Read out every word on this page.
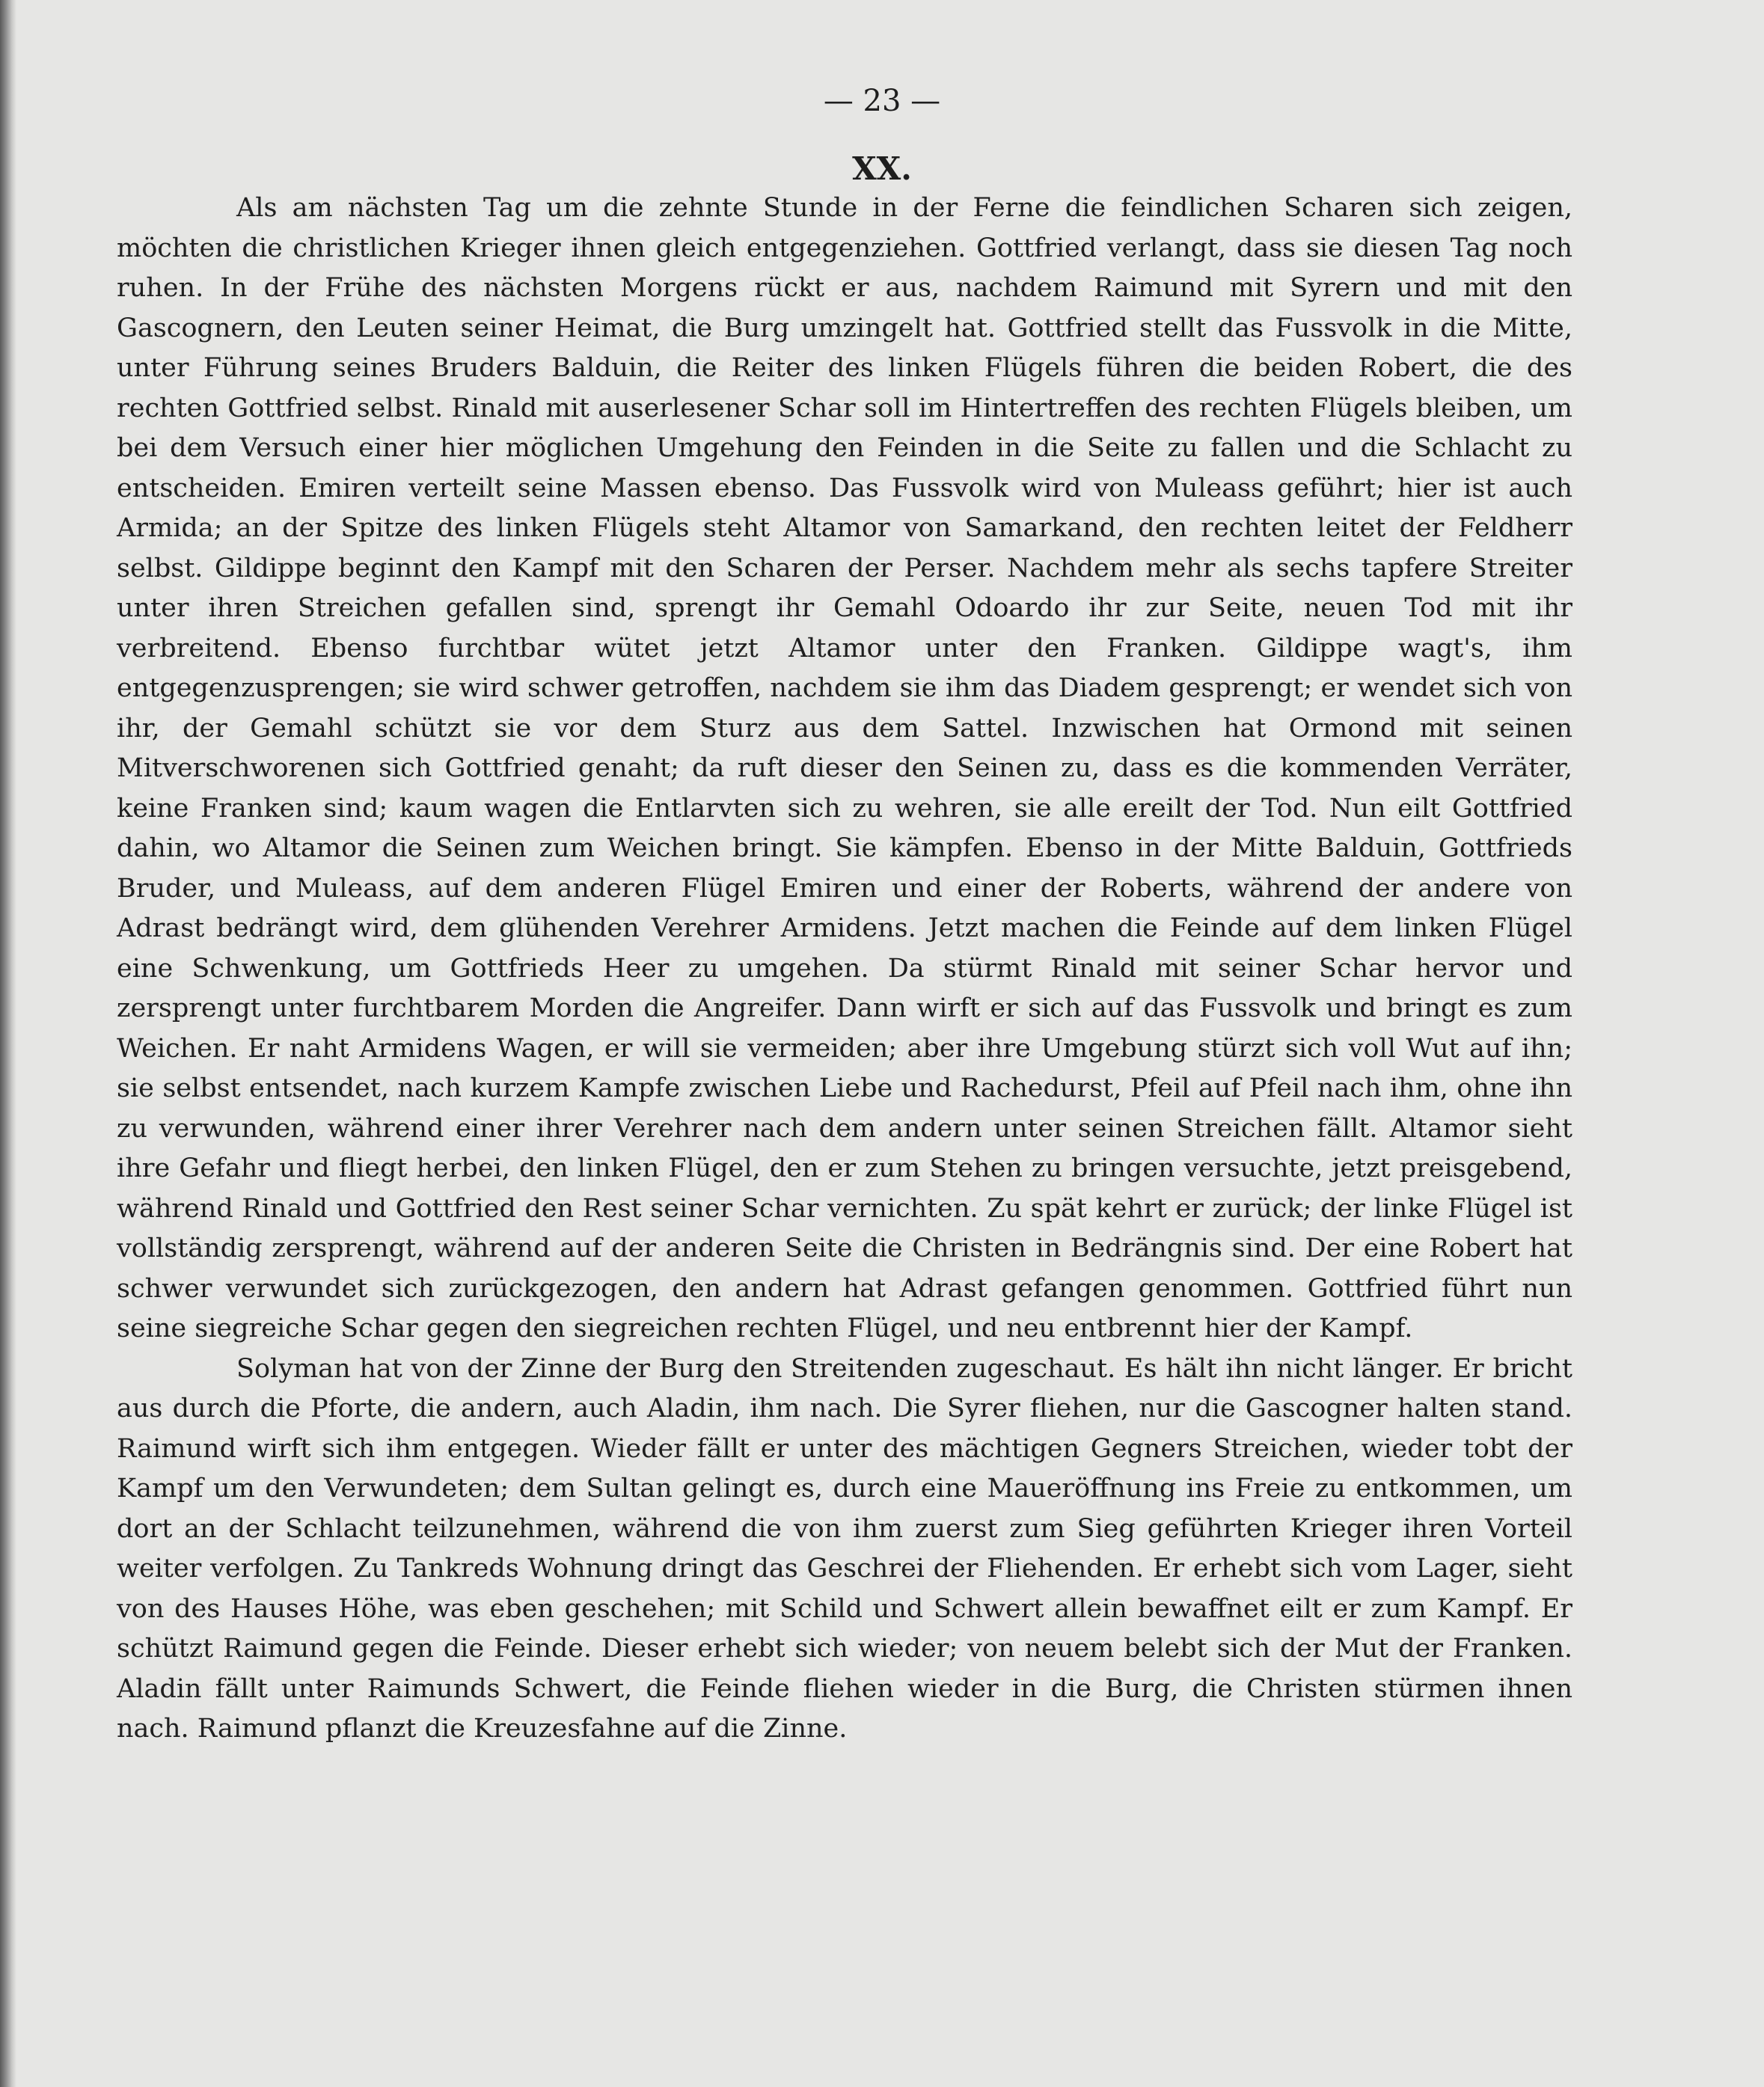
— 23 —
XX.

Als am nächsten Tag um die zehnte Stunde in der Ferne die feindlichen Scharen sich zeigen, möchten die christlichen Krieger ihnen gleich entgegenziehen. Gottfried verlangt, dass sie diesen Tag noch ruhen. In der Frühe des nächsten Morgens rückt er aus, nachdem Raimund mit Syrern und mit den Gascognern, den Leuten seiner Heimat, die Burg umzingelt hat. Gottfried stellt das Fussvolk in die Mitte, unter Führung seines Bruders Balduin, die Reiter des linken Flügels führen die beiden Robert, die des rechten Gottfried selbst. Rinald mit auserlesener Schar soll im Hintertreffen des rechten Flügels bleiben, um bei dem Versuch einer hier möglichen Umgehung den Feinden in die Seite zu fallen und die Schlacht zu entscheiden. Emiren verteilt seine Massen ebenso. Das Fussvolk wird von Muleass geführt; hier ist auch Armida; an der Spitze des linken Flügels steht Altamor von Samarkand, den rechten leitet der Feldherr selbst. Gildippe beginnt den Kampf mit den Scharen der Perser. Nachdem mehr als sechs tapfere Streiter unter ihren Streichen gefallen sind, sprengt ihr Gemahl Odoardo ihr zur Seite, neuen Tod mit ihr verbreitend. Ebenso furchtbar wütet jetzt Altamor unter den Franken. Gildippe wagt's, ihm entgegenzusprengen; sie wird schwer getroffen, nachdem sie ihm das Diadem gesprengt; er wendet sich von ihr, der Gemahl schützt sie vor dem Sturz aus dem Sattel. Inzwischen hat Ormond mit seinen Mitverschworenen sich Gottfried genaht; da ruft dieser den Seinen zu, dass es die kommenden Verräter, keine Franken sind; kaum wagen die Entlarvten sich zu wehren, sie alle ereilt der Tod. Nun eilt Gottfried dahin, wo Altamor die Seinen zum Weichen bringt. Sie kämpfen. Ebenso in der Mitte Balduin, Gottfrieds Bruder, und Muleass, auf dem anderen Flügel Emiren und einer der Roberts, während der andere von Adrast bedrängt wird, dem glühenden Verehrer Armidens. Jetzt machen die Feinde auf dem linken Flügel eine Schwenkung, um Gottfrieds Heer zu umgehen. Da stürmt Rinald mit seiner Schar hervor und zersprengt unter furchtbarem Morden die Angreifer. Dann wirft er sich auf das Fussvolk und bringt es zum Weichen. Er naht Armidens Wagen, er will sie vermeiden; aber ihre Umgebung stürzt sich voll Wut auf ihn; sie selbst entsendet, nach kurzem Kampfe zwischen Liebe und Rachedurst, Pfeil auf Pfeil nach ihm, ohne ihn zu verwunden, während einer ihrer Verehrer nach dem andern unter seinen Streichen fällt. Altamor sieht ihre Gefahr und fliegt herbei, den linken Flügel, den er zum Stehen zu bringen versuchte, jetzt preisgebend, während Rinald und Gottfried den Rest seiner Schar vernichten. Zu spät kehrt er zurück; der linke Flügel ist vollständig zersprengt, während auf der anderen Seite die Christen in Bedrängnis sind. Der eine Robert hat schwer verwundet sich zurückgezogen, den andern hat Adrast gefangen genommen. Gottfried führt nun seine siegreiche Schar gegen den siegreichen rechten Flügel, und neu entbrennt hier der Kampf.

Solyman hat von der Zinne der Burg den Streitenden zugeschaut. Es hält ihn nicht länger. Er bricht aus durch die Pforte, die andern, auch Aladin, ihm nach. Die Syrer fliehen, nur die Gascogner halten stand. Raimund wirft sich ihm entgegen. Wieder fällt er unter des mächtigen Gegners Streichen, wieder tobt der Kampf um den Verwundeten; dem Sultan gelingt es, durch eine Maueröffnung ins Freie zu entkommen, um dort an der Schlacht teilzunehmen, während die von ihm zuerst zum Sieg geführten Krieger ihren Vorteil weiter verfolgen. Zu Tankreds Wohnung dringt das Geschrei der Fliehenden. Er erhebt sich vom Lager, sieht von des Hauses Höhe, was eben geschehen; mit Schild und Schwert allein bewaffnet eilt er zum Kampf. Er schützt Raimund gegen die Feinde. Dieser erhebt sich wieder; von neuem belebt sich der Mut der Franken. Aladin fällt unter Raimunds Schwert, die Feinde fliehen wieder in die Burg, die Christen stürmen ihnen nach. Raimund pflanzt die Kreuzesfahne auf die Zinne.
